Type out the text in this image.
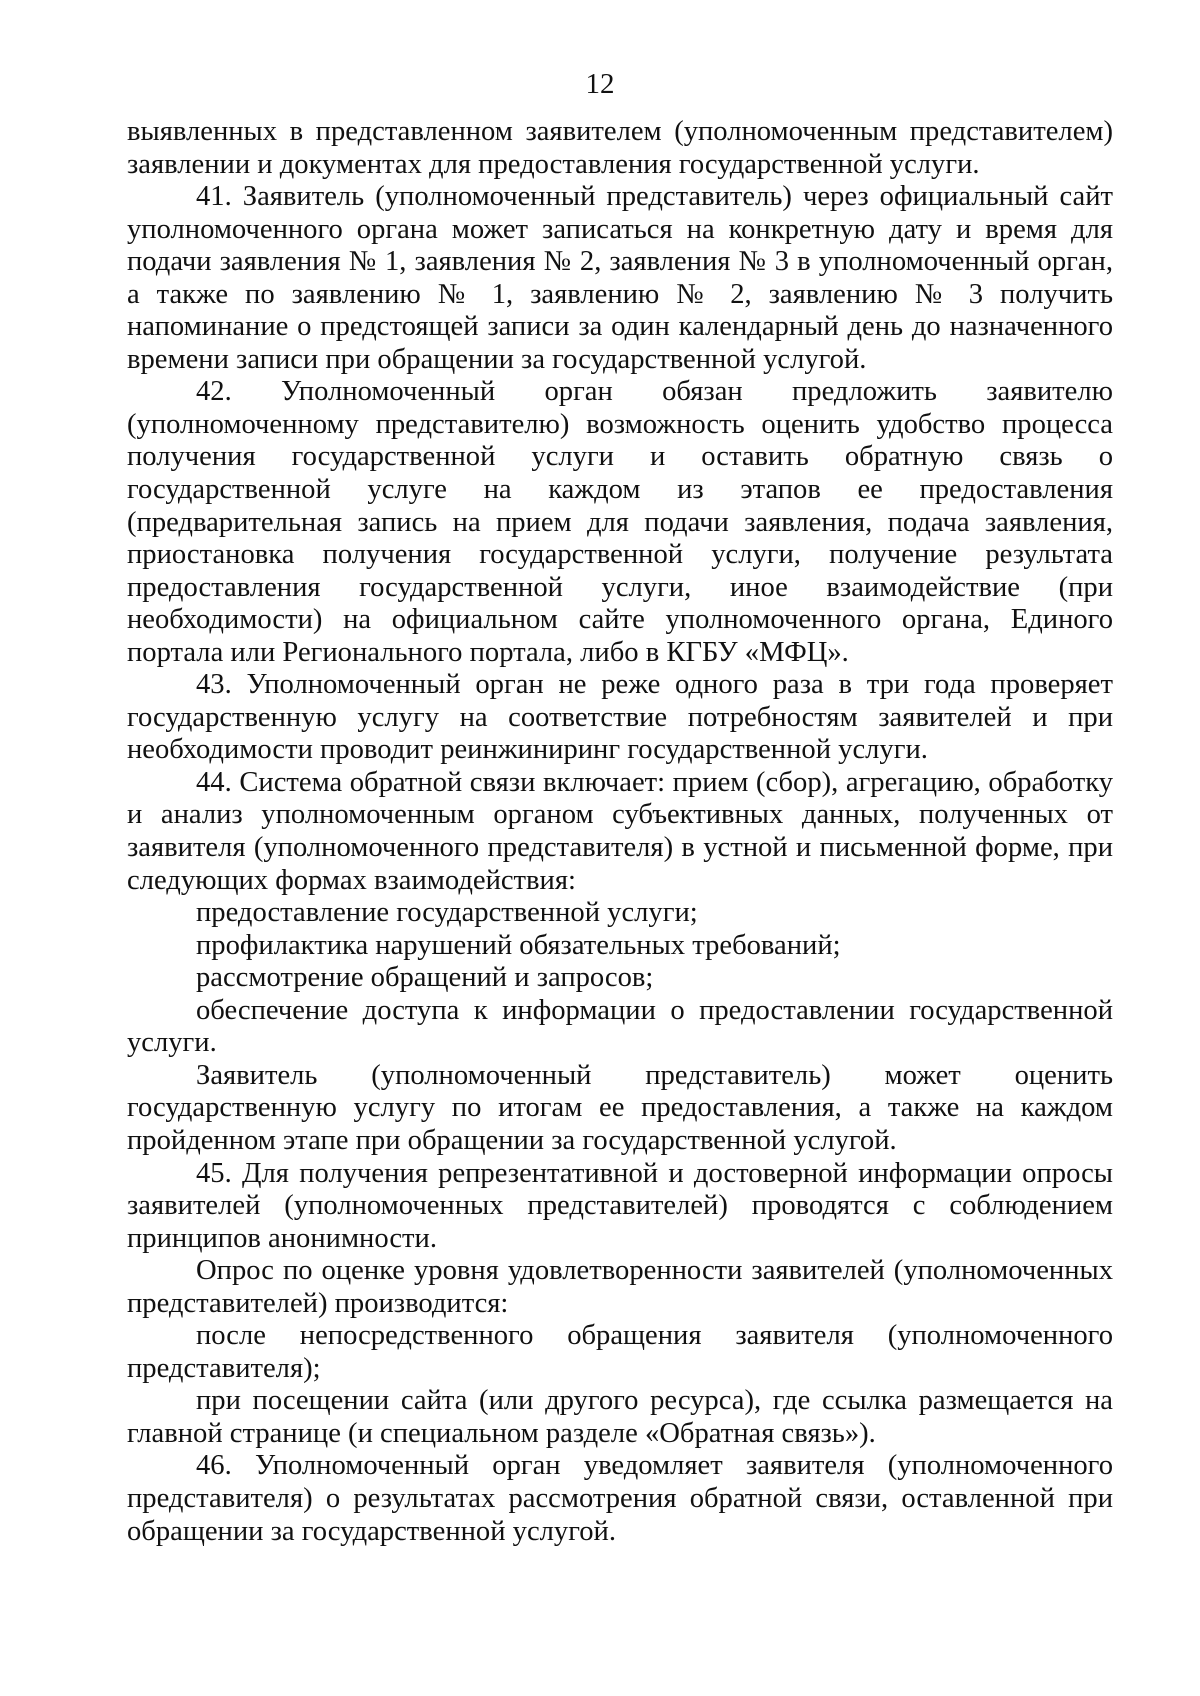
12

выявленных в представленном заявителем (уполномоченным представителем) заявлении и документах для предоставления государственной услуги.

41. Заявитель (уполномоченный представитель) через официальный сайт уполномоченного органа может записаться на конкретную дату и время для подачи заявления № 1, заявления № 2, заявления № 3 в уполномоченный орган, а также по заявлению № 1, заявлению № 2, заявлению № 3 получить напоминание о предстоящей записи за один календарный день до назначенного времени записи при обращении за государственной услугой.

42. Уполномоченный орган обязан предложить заявителю (уполномоченному представителю) возможность оценить удобство процесса получения государственной услуги и оставить обратную связь о государственной услуге на каждом из этапов ее предоставления (предварительная запись на прием для подачи заявления, подача заявления, приостановка получения государственной услуги, получение результата предоставления государственной услуги, иное взаимодействие (при необходимости) на официальном сайте уполномоченного органа, Единого портала или Регионального портала, либо в КГБУ «МФЦ».

43. Уполномоченный орган не реже одного раза в три года проверяет государственную услугу на соответствие потребностям заявителей и при необходимости проводит реинжиниринг государственной услуги.

44. Система обратной связи включает: прием (сбор), агрегацию, обработку и анализ уполномоченным органом субъективных данных, полученных от заявителя (уполномоченного представителя) в устной и письменной форме, при следующих формах взаимодействия:

предоставление государственной услуги;

профилактика нарушений обязательных требований;

рассмотрение обращений и запросов;

обеспечение доступа к информации о предоставлении государственной услуги.

Заявитель (уполномоченный представитель) может оценить государственную услугу по итогам ее предоставления, а также на каждом пройденном этапе при обращении за государственной услугой.

45. Для получения репрезентативной и достоверной информации опросы заявителей (уполномоченных представителей) проводятся с соблюдением принципов анонимности.

Опрос по оценке уровня удовлетворенности заявителей (уполномоченных представителей) производится:

после непосредственного обращения заявителя (уполномоченного представителя);

при посещении сайта (или другого ресурса), где ссылка размещается на главной странице (и специальном разделе «Обратная связь»).

46. Уполномоченный орган уведомляет заявителя (уполномоченного представителя) о результатах рассмотрения обратной связи, оставленной при обращении за государственной услугой.
